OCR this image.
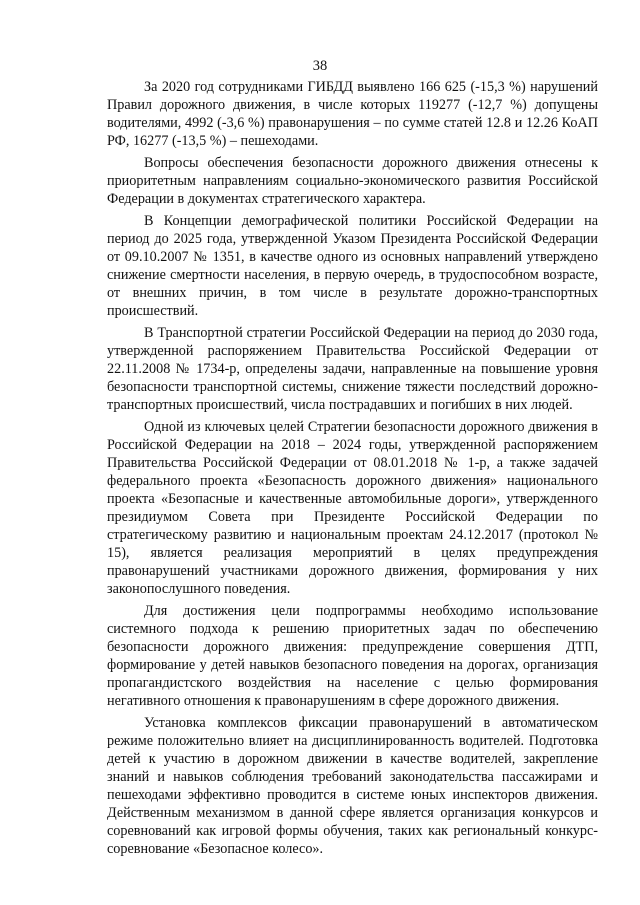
38

За 2020 год сотрудниками ГИБДД выявлено 166 625 (-15,3 %) нарушений Правил дорожного движения, в числе которых 119277 (-12,7 %) допущены водителями, 4992 (-3,6 %) правонарушения – по сумме статей 12.8 и 12.26 КоАП РФ, 16277 (-13,5 %) – пешеходами.

Вопросы обеспечения безопасности дорожного движения отнесены к приоритетным направлениям социально-экономического развития Российской Федерации в документах стратегического характера.

В Концепции демографической политики Российской Федерации на период до 2025 года, утвержденной Указом Президента Российской Федерации от 09.10.2007 № 1351, в качестве одного из основных направлений утверждено снижение смертности населения, в первую очередь, в трудоспособном возрасте, от внешних причин, в том числе в результате дорожно-транспортных происшествий.

В Транспортной стратегии Российской Федерации на период до 2030 года, утвержденной распоряжением Правительства Российской Федерации от 22.11.2008 № 1734-р, определены задачи, направленные на повышение уровня безопасности транспортной системы, снижение тяжести последствий дорожно-транспортных происшествий, числа пострадавших и погибших в них людей.

Одной из ключевых целей Стратегии безопасности дорожного движения в Российской Федерации на 2018 – 2024 годы, утвержденной распоряжением Правительства Российской Федерации от 08.01.2018 № 1-р, а также задачей федерального проекта «Безопасность дорожного движения» национального проекта «Безопасные и качественные автомобильные дороги», утвержденного президиумом Совета при Президенте Российской Федерации по стратегическому развитию и национальным проектам 24.12.2017 (протокол № 15), является реализация мероприятий в целях предупреждения правонарушений участниками дорожного движения, формирования у них законопослушного поведения.

Для достижения цели подпрограммы необходимо использование системного подхода к решению приоритетных задач по обеспечению безопасности дорожного движения: предупреждение совершения ДТП, формирование у детей навыков безопасного поведения на дорогах, организация пропагандистского воздействия на население с целью формирования негативного отношения к правонарушениям в сфере дорожного движения.

Установка комплексов фиксации правонарушений в автоматическом режиме положительно влияет на дисциплинированность водителей. Подготовка детей к участию в дорожном движении в качестве водителей, закрепление знаний и навыков соблюдения требований законодательства пассажирами и пешеходами эффективно проводится в системе юных инспекторов движения. Действенным механизмом в данной сфере является организация конкурсов и соревнований как игровой формы обучения, таких как региональный конкурс-соревнование «Безопасное колесо».
